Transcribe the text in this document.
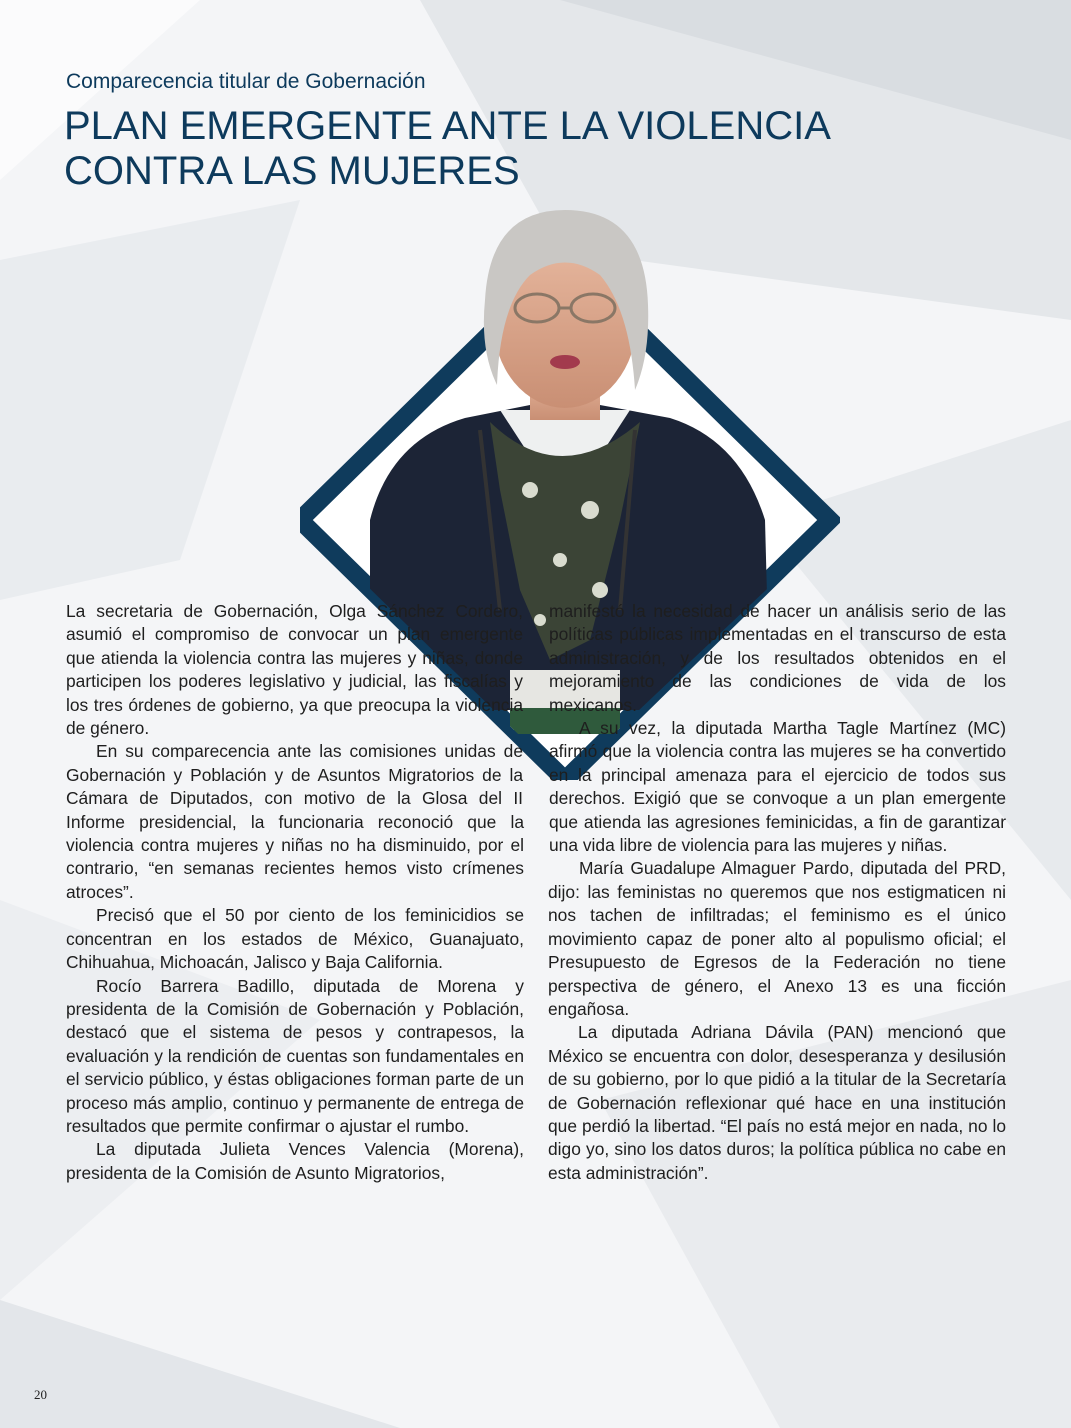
Comparecencia titular de Gobernación
PLAN EMERGENTE ANTE LA VIOLENCIA
CONTRA LAS MUJERES

La secretaria de Gobernación, Olga Sánchez Cordero, asumió el compromiso de convocar un plan emergente que atienda la violencia contra las mujeres y niñas, donde participen los poderes legislativo y judicial, las fiscalías y los tres órdenes de gobierno, ya que preocupa la violencia de género.

En su comparecencia ante las comisiones unidas de Gobernación y Población y de Asuntos Migratorios de la Cámara de Diputados, con motivo de la Glosa del II Informe presidencial, la funcionaria reconoció que la violencia contra mujeres y niñas no ha disminuido, por el contrario, “en semanas recientes hemos visto crímenes atroces”.

Precisó que el 50 por ciento de los feminicidios se concentran en los estados de México, Guanajuato, Chihuahua, Michoacán, Jalisco y Baja California.

Rocío Barrera Badillo, diputada de Morena y presidenta de la Comisión de Gobernación y Población, destacó que el sistema de pesos y contrapesos, la evaluación y la rendición de cuentas son fundamentales en el servicio público, y éstas obligaciones forman parte de un proceso más amplio, continuo y permanente de entrega de resultados que permite confirmar o ajustar el rumbo.

La diputada Julieta Vences Valencia (Morena), presidenta de la Comisión de Asunto Migratorios,

manifestó la necesidad de hacer un análisis serio de las políticas públicas implementadas en el transcurso de esta administración, y de los resultados obtenidos en el mejoramiento de las condiciones de vida de los mexicanos.

A su vez, la diputada Martha Tagle Martínez (MC) afirmó que la violencia contra las mujeres se ha convertido en la principal amenaza para el ejercicio de todos sus derechos. Exigió que se convoque a un plan emergente que atienda las agresiones feminicidas, a fin de garantizar una vida libre de violencia para las mujeres y niñas.

María Guadalupe Almaguer Pardo, diputada del PRD, dijo: las feministas no queremos que nos estigmaticen ni nos tachen de infiltradas; el feminismo es el único movimiento capaz de poner alto al populismo oficial; el Presupuesto de Egresos de la Federación no tiene perspectiva de género, el Anexo 13 es una ficción engañosa.

La diputada Adriana Dávila (PAN) mencionó que México se encuentra con dolor, desesperanza y desilusión de su gobierno, por lo que pidió a la titular de la Secretaría de Gobernación reflexionar qué hace en una institución que perdió la libertad. “El país no está mejor en nada, no lo digo yo, sino los datos duros; la política pública no cabe en esta administración”.

20
